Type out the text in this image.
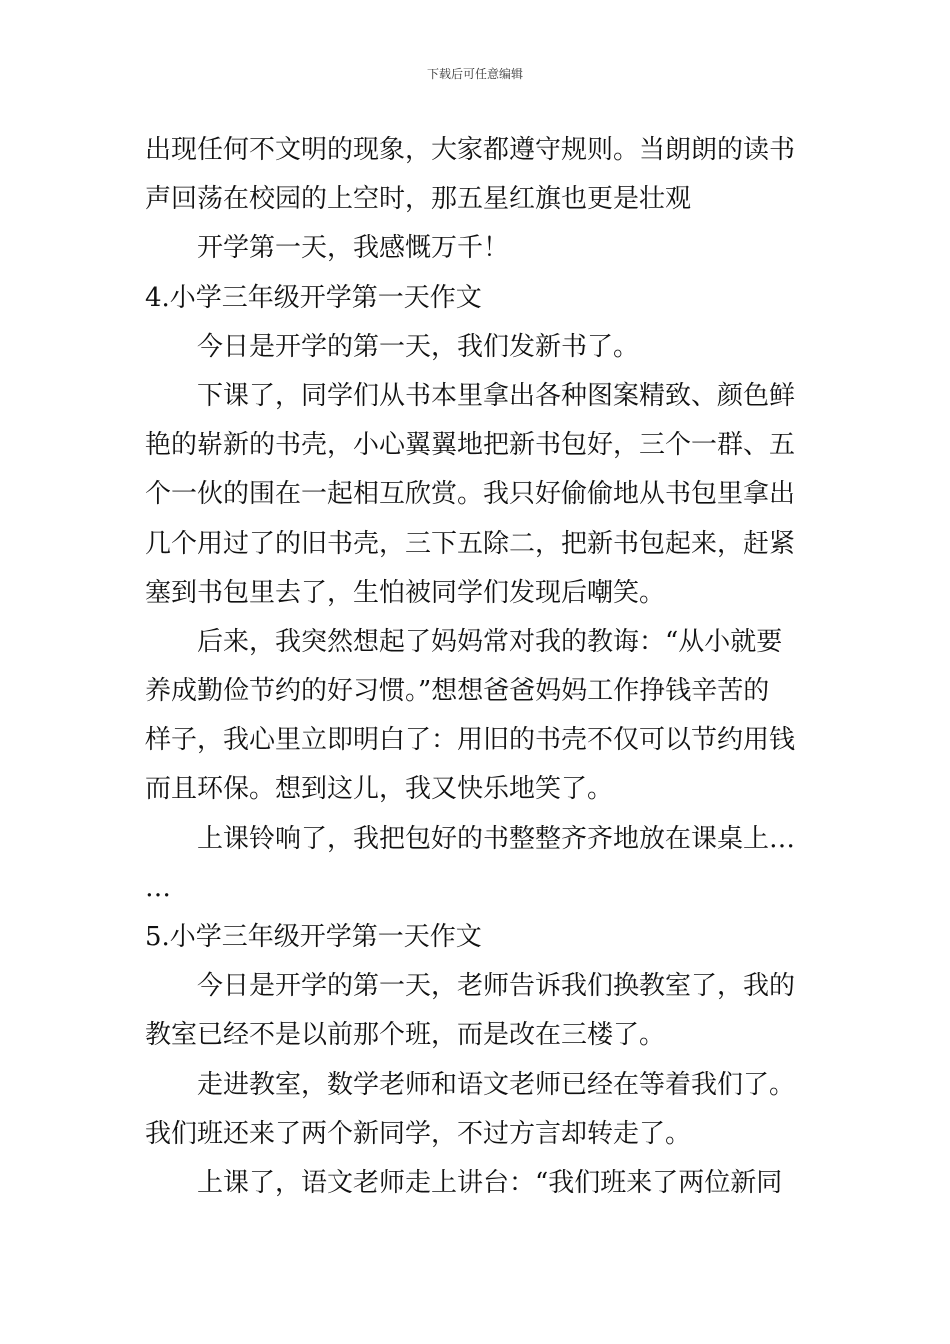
下载后可任意编辑

出现任何不文明的现象，大家都遵守规则。当朗朗的读书

声回荡在校园的上空时，那五星红旗也更是壮观

开学第一天，我感慨万千！

4.小学三年级开学第一天作文

今日是开学的第一天，我们发新书了。

下课了，同学们从书本里拿出各种图案精致、颜色鲜

艳的崭新的书壳，小心翼翼地把新书包好，三个一群、五

个一伙的围在一起相互欣赏。我只好偷偷地从书包里拿出

几个用过了的旧书壳，三下五除二，把新书包起来，赶紧

塞到书包里去了，生怕被同学们发现后嘲笑。

后来，我突然想起了妈妈常对我的教诲：“从小就要

养成勤俭节约的好习惯。”想想爸爸妈妈工作挣钱辛苦的

样子，我心里立即明白了：用旧的书壳不仅可以节约用钱

而且环保。想到这儿，我又快乐地笑了。

上课铃响了，我把包好的书整整齐齐地放在课桌上…

…

5.小学三年级开学第一天作文

今日是开学的第一天，老师告诉我们换教室了，我的

教室已经不是以前那个班，而是改在三楼了。

走进教室，数学老师和语文老师已经在等着我们了。

我们班还来了两个新同学，不过方言却转走了。

上课了，语文老师走上讲台：“我们班来了两位新同
